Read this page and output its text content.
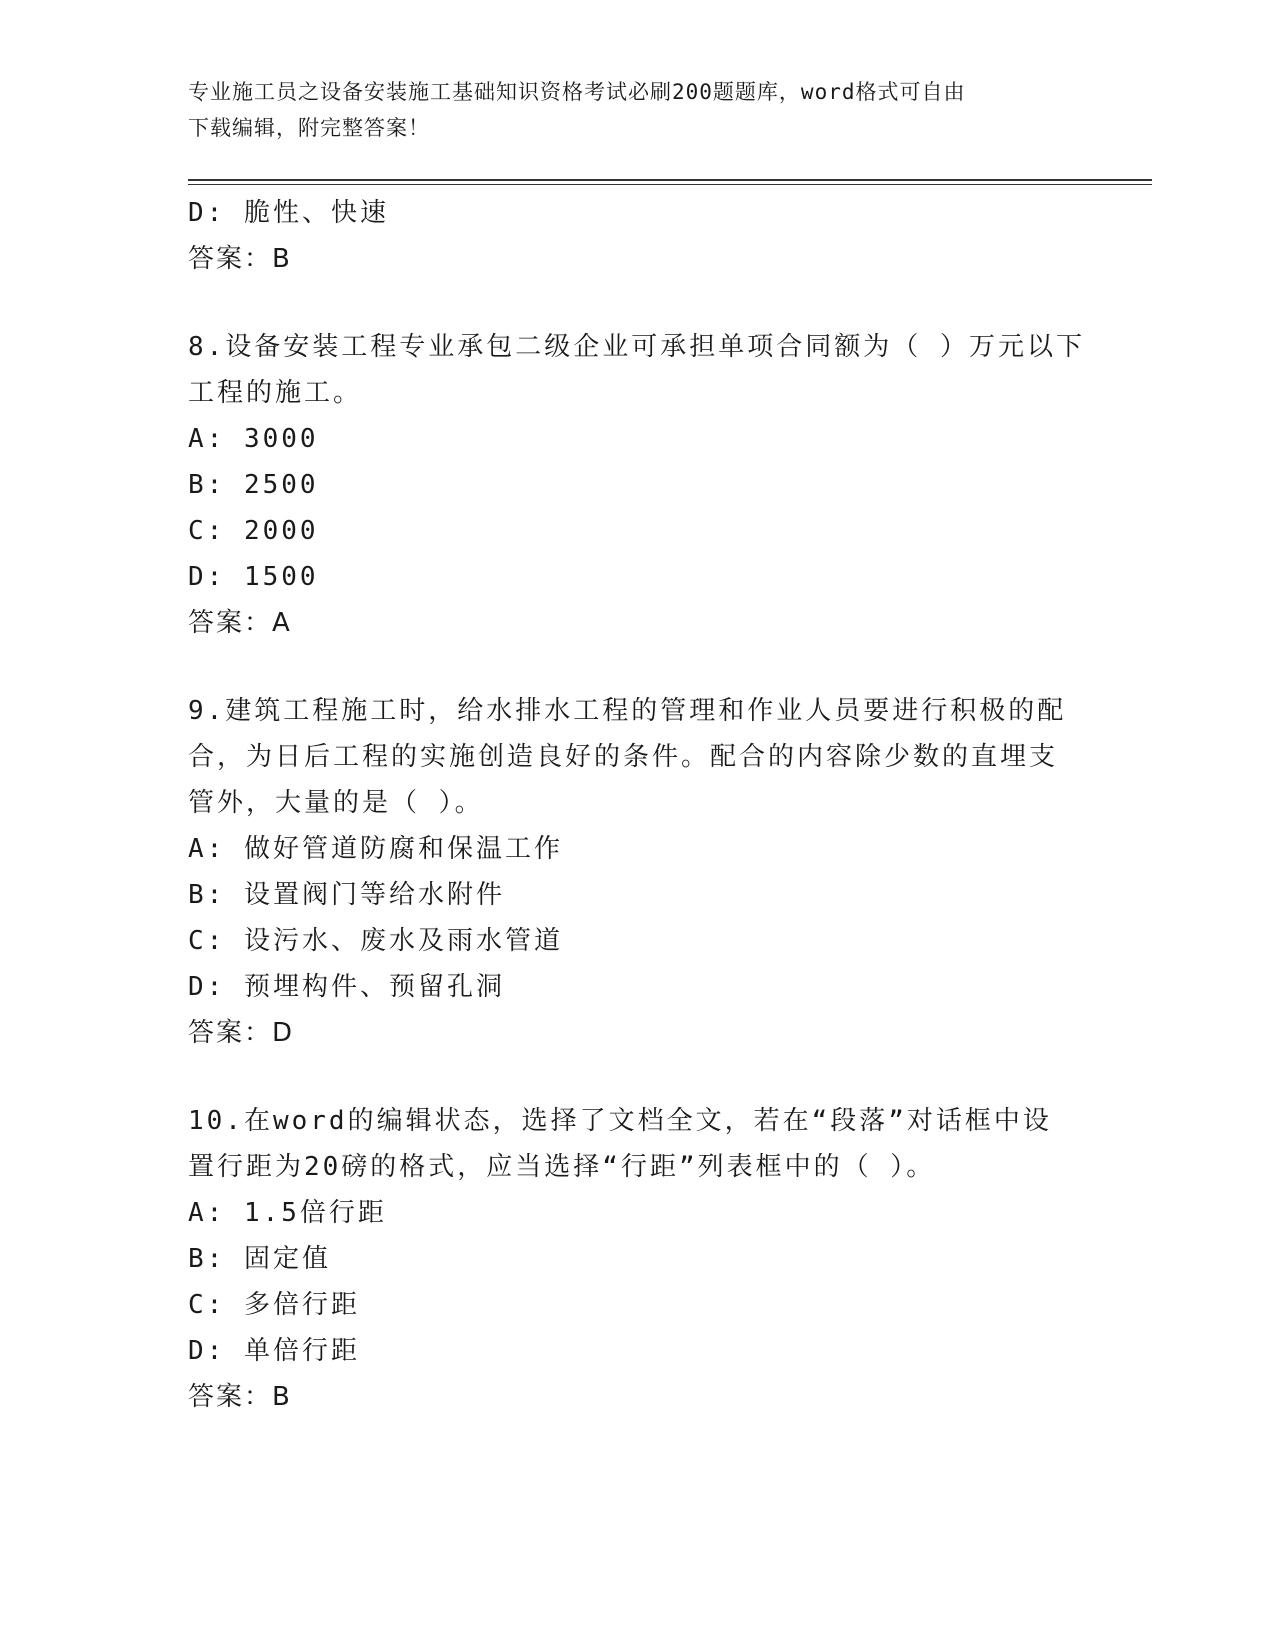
专业施工员之设备安装施工基础知识资格考试必刷200题题库，word格式可自由
下载编辑，附完整答案！
D: 脆性、快速
答案：B
8.设备安装工程专业承包二级企业可承担单项合同额为（ ）万元以下
工程的施工。
A: 3000
B: 2500
C: 2000
D: 1500
答案：A
9.建筑工程施工时，给水排水工程的管理和作业人员要进行积极的配
合，为日后工程的实施创造良好的条件。配合的内容除少数的直埋支
管外，大量的是（ ）。
A: 做好管道防腐和保温工作
B: 设置阀门等给水附件
C: 设污水、废水及雨水管道
D: 预埋构件、预留孔洞
答案：D
10.在word的编辑状态，选择了文档全文，若在“段落”对话框中设
置行距为20磅的格式，应当选择“行距”列表框中的（ ）。
A: 1.5倍行距
B: 固定值
C: 多倍行距
D: 单倍行距
答案：B
